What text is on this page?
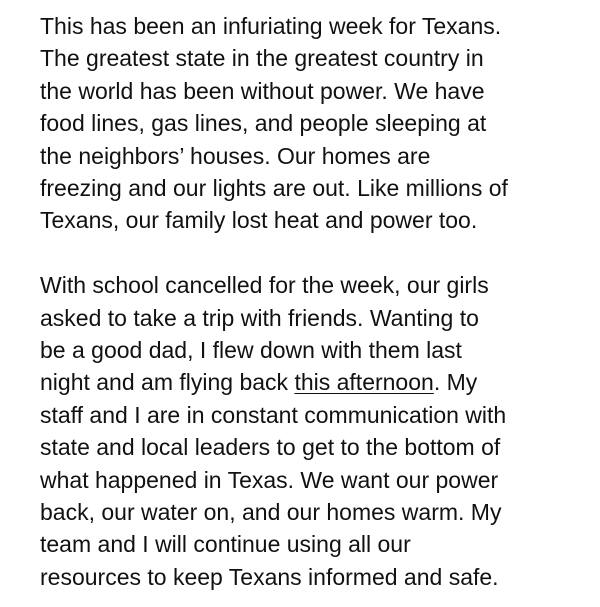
This has been an infuriating week for Texans.
The greatest state in the greatest country in
the world has been without power. We have
food lines, gas lines, and people sleeping at
the neighbors’ houses. Our homes are
freezing and our lights are out. Like millions of
Texans, our family lost heat and power too.

With school cancelled for the week, our girls
asked to take a trip with friends. Wanting to
be a good dad, I flew down with them last
night and am flying back this afternoon. My
staff and I are in constant communication with
state and local leaders to get to the bottom of
what happened in Texas. We want our power
back, our water on, and our homes warm. My
team and I will continue using all our
resources to keep Texans informed and safe.
